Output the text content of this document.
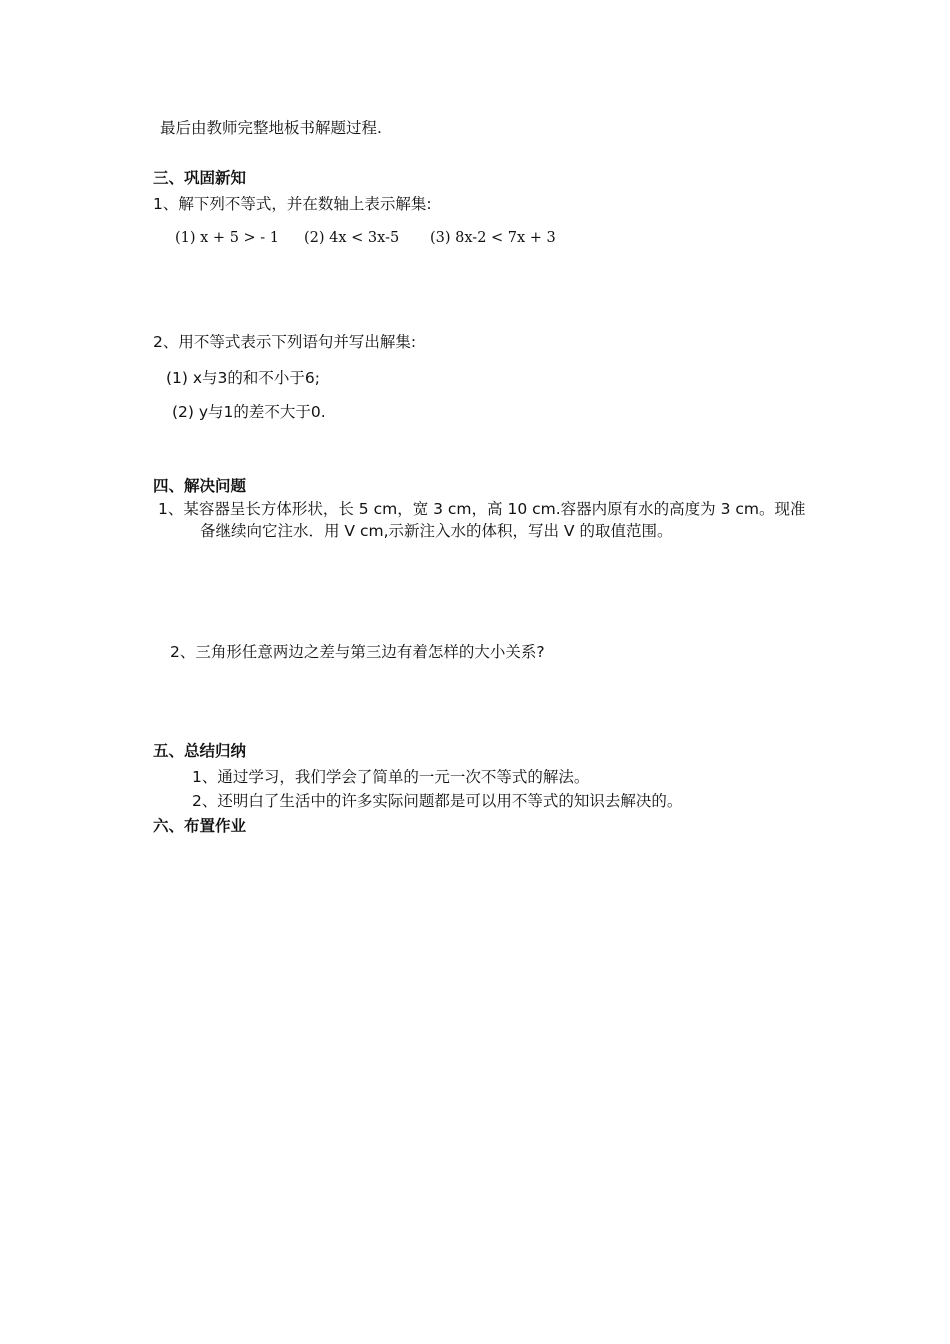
最后由教师完整地板书解题过程.
三、巩固新知
1、解下列不等式，并在数轴上表示解集:
(1) x + 5 > - 1 (2) 4x < 3x-5 (3) 8x-2 < 7x + 3
2、用不等式表示下列语句并写出解集:
(1) x与3的和不小于6;
(2) y与1的差不大于0.
四、解决问题
1、某容器呈长方体形状，长 5 cm，宽 3 cm，高 10 cm.容器内原有水的高度为 3 cm。现准
备继续向它注水．用 V cm,示新注入水的体积，写出 V 的取值范围。
2、三角形任意两边之差与第三边有着怎样的大小关系?
五、总结归纳
1、通过学习，我们学会了简单的一元一次不等式的解法。
2、还明白了生活中的许多实际问题都是可以用不等式的知识去解决的。
六、布置作业
